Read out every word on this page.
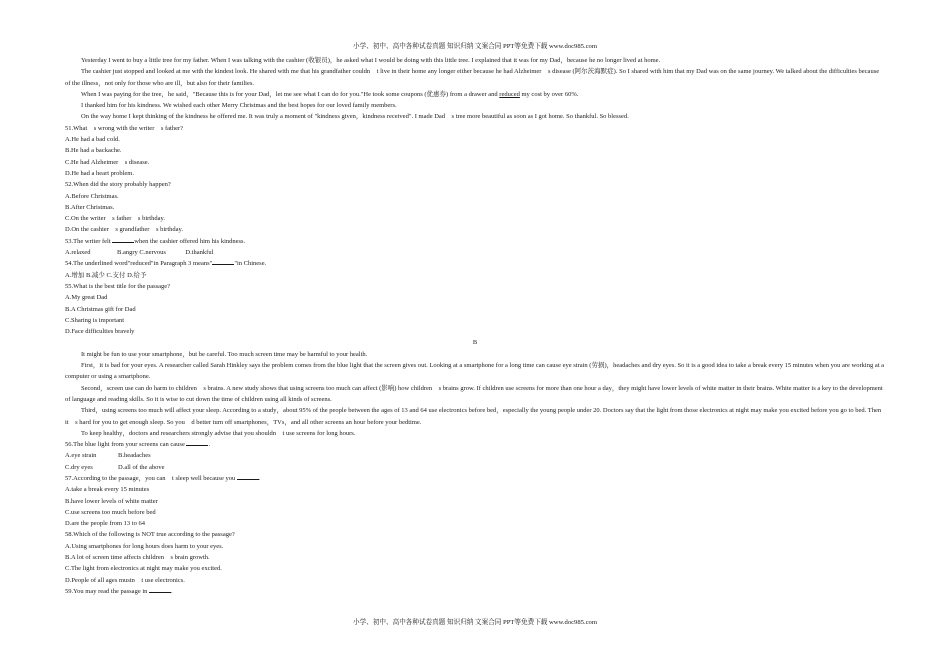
小学、初中、高中各种试卷真题 知识归纳 文案合同 PPT等免费下载 www.doc985.com

Yesterday I went to buy a little tree for my father. When I was talking with the cashier (收银员)，he asked what I would be doing with this little tree. I explained that it was for my Dad，because he no longer lived at home.

The cashier just stopped and looked at me with the kindest look. He shared with me that his grandfather couldn　t live in their home any longer either because he had Alzheimer　s disease (阿尔茨海默症). So I shared with him that my Dad was on the same journey. We talked about the difficulties because of the illness，not only for those who are ill，but also for their families.

When I was paying for the tree，he said，"Because this is for your Dad，let me see what I can do for you."He took some coupons (优惠券) from a drawer and reduced my cost by over 60%.

I thanked him for his kindness. We wished each other Merry Christmas and the best hopes for our loved family members.

On the way home I kept thinking of the kindness he offered me. It was truly a moment of "kindness given，kindness received". I made Dad　s tree more beautiful as soon as I got home. So thankful. So blessed.

51.What　s wrong with the writer　s father?

A.He had a bad cold.

B.He had a backache.

C.He had Alzheimer　s disease.

D.He had a heart problem.

52.When did the story probably happen?

A.Before Christmas.

B.After Christmas.

C.On the writer　s father　s birthday.

D.On the cashier　s grandfather　s birthday.

53.The writer felt	when the cashier offered him his kindness.

A.relaxed	B.angry C.nervous	D.thankful

54.The underlined word"reduced"in Paragraph 3 means"	"in Chinese.

A.增加 B.减少 C.支付 D.给予

55.What is the best title for the passage?

A.My great Dad

B.A Christmas gift for Dad

C.Sharing is important

D.Face difficulties bravely

B

It might be fun to use your smartphone，but be careful. Too much screen time may be harmful to your health.

First，it is bad for your eyes. A researcher called Sarah Hinkley says the problem comes from the blue light that the screen gives out. Looking at a smartphone for a long time can cause eye strain (劳损)，headaches and dry eyes. So it is a good idea to take a break every 15 minutes when you are working at a computer or using a smartphone.

Second，screen use can do harm to children　s brains. A new study shows that using screens too much can affect (影响) how children　s brains grow. If children use screens for more than one hour a day，they might have lower levels of white matter in their brains. White matter is a key to the development of language and reading skills. So it is wise to cut down the time of children using all kinds of screens.

Third，using screens too much will affect your sleep. According to a study，about 95% of the people between the ages of 13 and 64 use electronics before bed，especially the young people under 20. Doctors say that the light from those electronics at night may make you excited before you go to bed. Then it　s hard for you to get enough sleep. So you　d better turn off smartphones，TVs，and all other screens an hour before your bedtime.

To keep healthy，doctors and researchers strongly advise that you shouldn　t use screens for long hours.

56.The blue light from your screens can cause	.

A.eye strain	B.headaches

C.dry eyes	D.all of the above

57.According to the passage，you can　t sleep well because you	.

A.take a break every 15 minutes

B.have lower levels of white matter

C.use screens too much before bed

D.are the people from 13 to 64

58.Which of the following is NOT true according to the passage?

A.Using smartphones for long hours does harm to your eyes.

B.A lot of screen time affects children　s brain growth.

C.The light from electronics at night may make you excited.

D.People of all ages mustn　t use electronics.

59.You may read the passage in	.

小学、初中、高中各种试卷真题 知识归纳 文案合同 PPT等免费下载 www.doc985.com
